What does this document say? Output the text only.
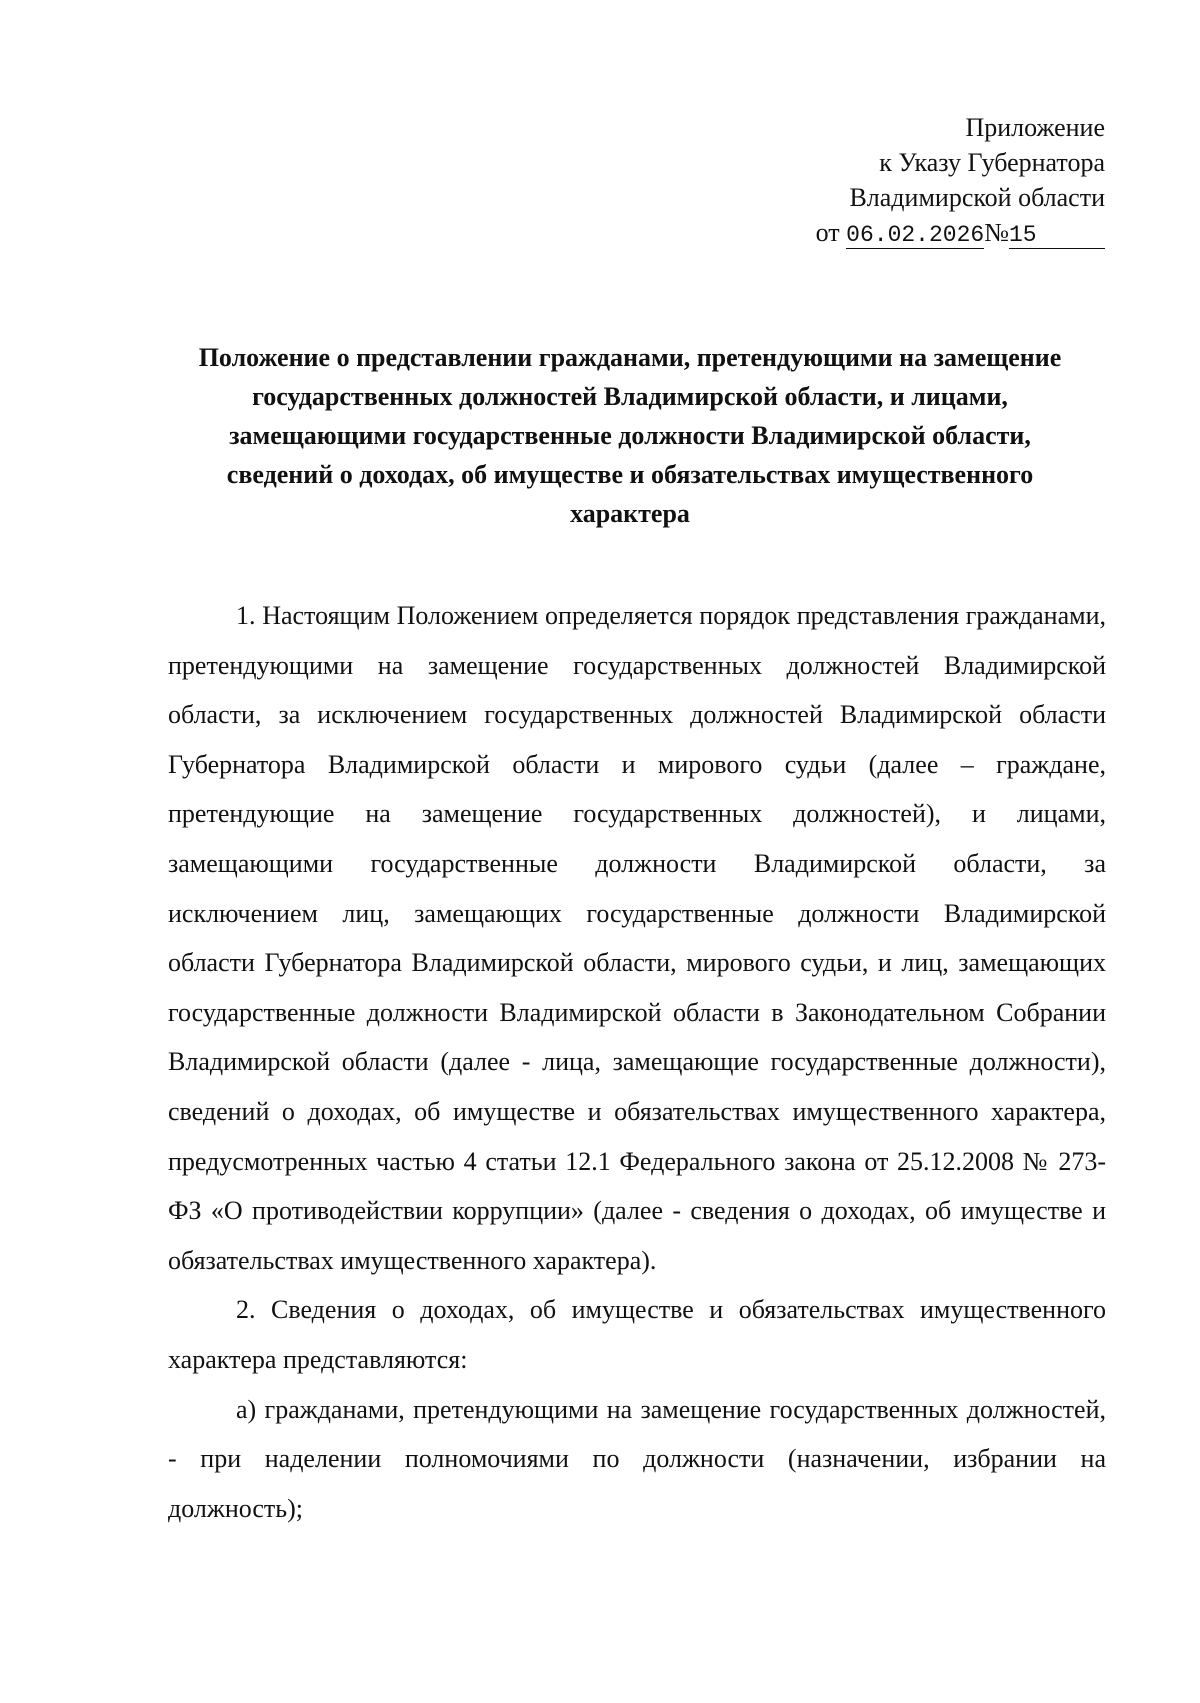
Приложение
к Указу Губернатора
Владимирской области
от 06.02.2026№15
Положение о представлении гражданами, претендующими на замещение
государственных должностей Владимирской области, и лицами,
замещающими государственные должности Владимирской области,
сведений о доходах, об имуществе и обязательствах имущественного
характера

1. Настоящим Положением определяется порядок представления гражданами, претендующими на замещение государственных должностей Владимирской области, за исключением государственных должностей Владимирской области Губернатора Владимирской области и мирового судьи (далее – граждане, претендующие на замещение государственных должностей), и лицами, замещающими государственные должности Владимирской области, за исключением лиц, замещающих государственные должности Владимирской области Губернатора Владимирской области, мирового судьи, и лиц, замещающих государственные должности Владимирской области в Законодательном Собрании Владимирской области (далее - лица, замещающие государственные должности), сведений о доходах, об имуществе и обязательствах имущественного характера, предусмотренных частью 4 статьи 12.1 Федерального закона от 25.12.2008 № 273-ФЗ «О противодействии коррупции» (далее - сведения о доходах, об имуществе и обязательствах имущественного характера).

2. Сведения о доходах, об имуществе и обязательствах имущественного характера представляются:

а) гражданами, претендующими на замещение государственных должностей, - при наделении полномочиями по должности (назначении, избрании на должность);
